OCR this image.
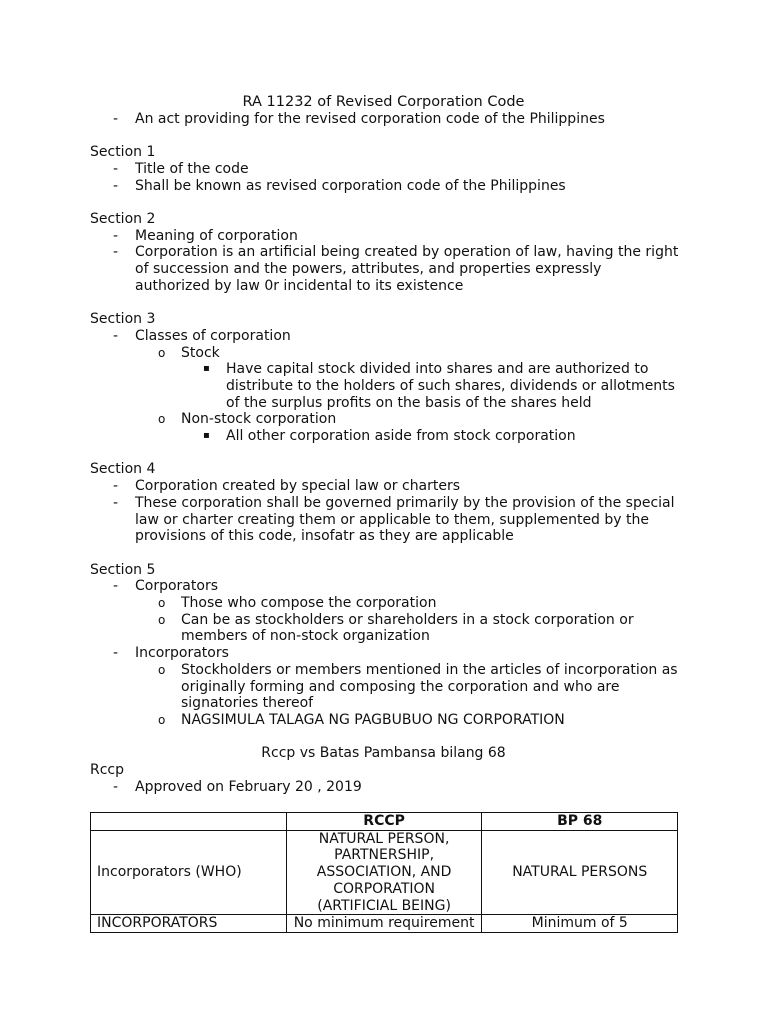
RA 11232 of Revised Corporation Code
- An act providing for the revised corporation code of the Philippines
Section 1
- Title of the code
- Shall be known as revised corporation code of the Philippines
Section 2
- Meaning of corporation
- Corporation is an artificial being created by operation of law, having the right of succession and the powers, attributes, and properties expressly authorized by law 0r incidental to its existence
Section 3
- Classes of corporation
o Stock
▪ Have capital stock divided into shares and are authorized to distribute to the holders of such shares, dividends or allotments of the surplus profits on the basis of the shares held
o Non-stock corporation
▪ All other corporation aside from stock corporation
Section 4
- Corporation created by special law or charters
- These corporation shall be governed primarily by the provision of the special law or charter creating them or applicable to them, supplemented by the provisions of this code, insofatr as they are applicable
Section 5
- Corporators
o Those who compose the corporation
o Can be as stockholders or shareholders in a stock corporation or members of non-stock organization
- Incorporators
o Stockholders or members mentioned in the articles of incorporation as originally forming and composing the corporation and who are signatories thereof
o NAGSIMULA TALAGA NG PAGBUBUO NG CORPORATION
Rccp vs Batas Pambansa bilang 68
Rccp
- Approved on February 20 , 2019
	RCCP	BP 68
Incorporators (WHO)	NATURAL PERSON, PARTNERSHIP, ASSOCIATION, AND CORPORATION (ARTIFICIAL BEING)	NATURAL PERSONS
INCORPORATORS	No minimum requirement	Minimum of 5
